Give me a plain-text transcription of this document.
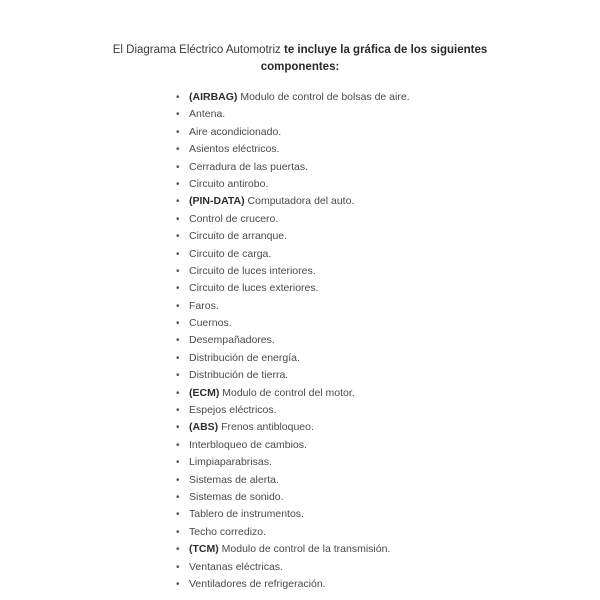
El Diagrama Eléctrico Automotriz te incluye la gráfica de los siguientes
componentes:
• (AIRBAG) Modulo de control de bolsas de aire.
• Antena.
• Aire acondicionado.
• Asientos eléctricos.
• Cerradura de las puertas.
• Circuito antirobo.
• (PIN-DATA) Computadora del auto.
• Control de crucero.
• Circuito de arranque.
• Circuito de carga.
• Circuito de luces interiores.
• Circuito de luces exteriores.
• Faros.
• Cuernos.
• Desempañadores.
• Distribución de energía.
• Distribución de tierra.
• (ECM) Modulo de control del motor.
• Espejos eléctricos.
• (ABS) Frenos antibloqueo.
• Interbloqueo de cambios.
• Limpiaparabrisas.
• Sistemas de alerta.
• Sistemas de sonido.
• Tablero de instrumentos.
• Techo corredizo.
• (TCM) Modulo de control de la transmisión.
• Ventanas eléctricas.
• Ventiladores de refrigeración.
